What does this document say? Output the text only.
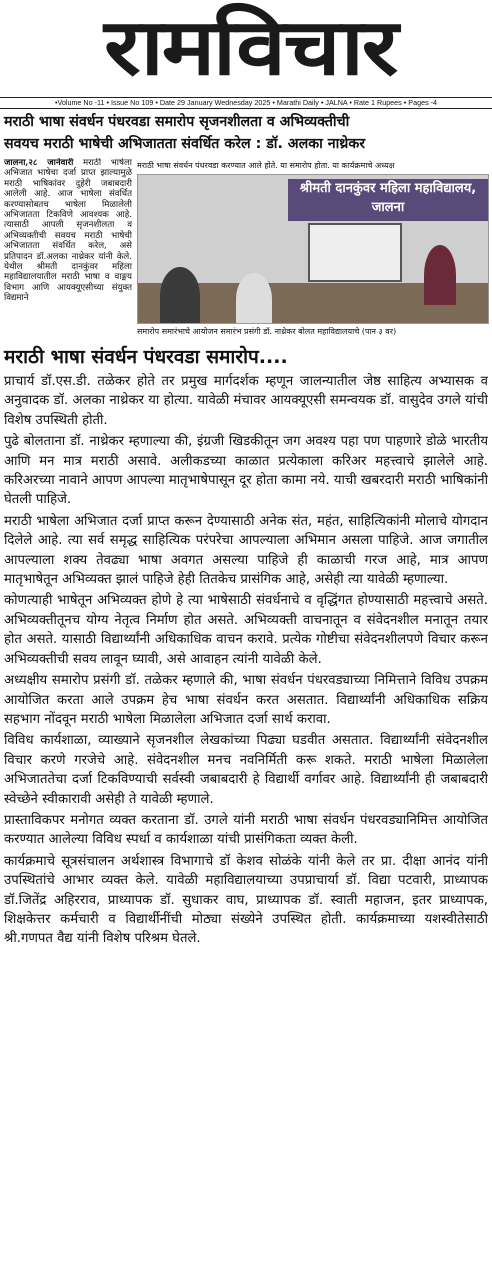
रामविचार
•Volume No -11 • Issue No 109 • Date 29 January Wednesday 2025 • Marathi Daily • JALNA • Rate 1 Rupees • Pages -4
मराठी भाषा संवर्धन पंधरवडा समारोप सृजनशीलता व अभिव्यक्तीची
सवयच मराठी भाषेची अभिजातता संवर्धित करेल : डॉ. अलका नाथ्रेकर
जालना,२८ जानेवारी मराठी भाषेला अभिजात भाषेचा दर्जा प्राप्त झाल्यामुळे मराठी भाषिकांवर दुहेरी जबाबदारी आलेली आहे. आज भाषेला संवर्धित करण्यासोबतच भाषेला मिळालेली अभिजातता टिकविणे आवश्यक आहे. त्यासाठी आपली सृजनशीलता व अभिव्यक्तीची सवयच मराठी भाषेची अभिजातता संवर्धित करेल, असे प्रतिपादन डॉ.अलका नाथ्रेकर यांनी केले. येथील श्रीमती दानकुंवर महिला महाविद्यालयातील मराठी भाषा व वाङ्मय विभाग आणि आयक्यूएसीच्या संयुक्त विद्यमाने
मराठी भाषा संवर्धन पंधरवडा करण्यात आले होते. या समारोप होता. या कार्यक्रमाचे अध्यक्ष
श्रीमती दानकुंवर महिला महाविद्यालय, जालना
समारोप समारंभाचे आयोजन समारंभ प्रसंगी डॉ. नाथ्रेकर बोलत महाविद्यालयाचे (पान ३ वर)
मराठी भाषा संवर्धन पंधरवडा समारोप....

प्राचार्य डॉ.एस.डी. तळेकर होते तर प्रमुख मार्गदर्शक म्हणून जालन्यातील जेष्ठ साहित्य अभ्यासक व अनुवादक डॉ. अलका नाथ्रेकर या होत्या. यावेळी मंचावर आयक्यूएसी समन्वयक डॉ. वासुदेव उगले यांची विशेष उपस्थिती होती.

पुढे बोलताना डॉ. नाथ्रेकर म्हणाल्या की, इंग्रजी खिडकीतून जग अवश्य पहा पण पाहणारे डोळे भारतीय आणि मन मात्र मराठी असावे. अलीकडच्या काळात प्रत्येकाला करिअर महत्त्वाचे झालेले आहे. करिअरच्या नावाने आपण आपल्या मातृभाषेपासून दूर होता कामा नये. याची खबरदारी मराठी भाषिकांनी घेतली पाहिजे.

मराठी भाषेला अभिजात दर्जा प्राप्त करून देण्यासाठी अनेक संत, महंत, साहित्यिकांनी मोलाचे योगदान दिलेले आहे. त्या सर्व समृद्ध साहित्यिक परंपरेचा आपल्याला अभिमान असला पाहिजे. आज जगातील आपल्याला शक्य तेवढ्या भाषा अवगत असल्या पाहिजे ही काळाची गरज आहे, मात्र आपण मातृभाषेतून अभिव्यक्त झालं पाहिजे हेही तितकेच प्रासंगिक आहे, असेही त्या यावेळी म्हणाल्या.

कोणत्याही भाषेतून अभिव्यक्त होणे हे त्या भाषेसाठी संवर्धनाचे व वृद्धिंगत होण्यासाठी महत्त्वाचे असते. अभिव्यक्तीतूनच योग्य नेतृत्व निर्माण होत असते. अभिव्यक्ती वाचनातून व संवेदनशील मनातून तयार होत असते. यासाठी विद्यार्थ्यांनी अधिकाधिक वाचन करावे. प्रत्येक गोष्टीचा संवेदनशीलपणे विचार करून अभिव्यक्तीची सवय लावून घ्यावी, असे आवाहन त्यांनी यावेळी केले.

अध्यक्षीय समारोप प्रसंगी डॉ. तळेकर म्हणाले की, भाषा संवर्धन पंधरवड्याच्या निमित्ताने विविध उपक्रम आयोजित करता आले उपक्रम हेच भाषा संवर्धन करत असतात. विद्यार्थ्यांनी अधिकाधिक सक्रिय सहभाग नोंदवून मराठी भाषेला मिळालेला अभिजात दर्जा सार्थ करावा.

विविध कार्यशाळा, व्याख्याने सृजनशील लेखकांच्या पिढ्या घडवीत असतात. विद्यार्थ्यांनी संवेदनशील विचार करणे गरजेचे आहे. संवेदनशील मनच नवनिर्मिती करू शकते. मराठी भाषेला मिळालेला अभिजाततेचा दर्जा टिकविण्याची सर्वस्वी जबाबदारी हे विद्यार्थी वर्गावर आहे. विद्यार्थ्यांनी ही जबाबदारी स्वेच्छेने स्वीकारावी असेही ते यावेळी म्हणाले.

प्रास्ताविकपर मनोगत व्यक्त करताना डॉ. उगले यांनी मराठी भाषा संवर्धन पंधरवड्यानिमित्त आयोजित करण्यात आलेल्या विविध स्पर्धा व कार्यशाळा यांची प्रासंगिकता व्यक्त केली.

कार्यक्रमाचे सूत्रसंचालन अर्थशास्त्र विभागाचे डॉ केशव सोळंके यांनी केले तर प्रा. दीक्षा आनंद यांनी उपस्थितांचे आभार व्यक्त केले. यावेळी महाविद्यालयाच्या उपप्राचार्या डॉ. विद्या पटवारी, प्राध्यापक डॉ.जितेंद्र अहिरराव, प्राध्यापक डॉ. सुधाकर वाघ, प्राध्यापक डॉ. स्वाती महाजन, इतर प्राध्यापक, शिक्षकेत्तर कर्मचारी व विद्यार्थीनींची मोठ्या संख्येने उपस्थित होती. कार्यक्रमाच्या यशस्वीतेसाठी श्री.गणपत वैद्य यांनी विशेष परिश्रम घेतले.
